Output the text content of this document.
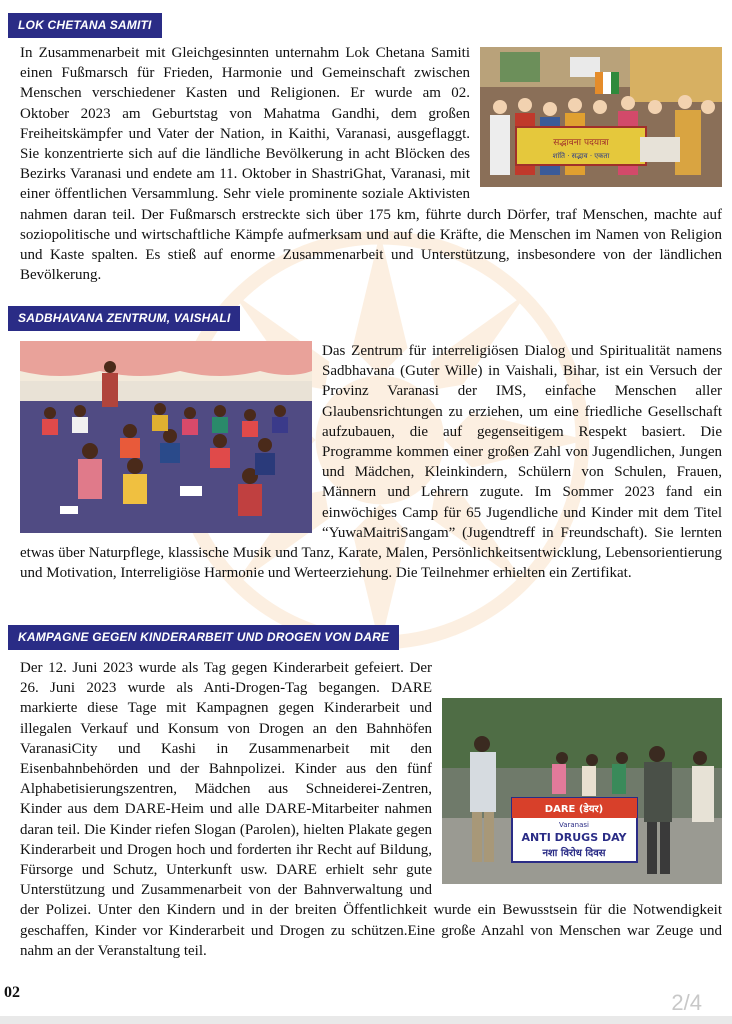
LOK CHETANA SAMITI
सद्भावना पदयात्रा
शांति · सद्भाव · एकता
In Zusammenarbeit mit Gleichgesinnten unternahm Lok Chetana Samiti einen Fußmarsch für Frieden, Harmonie und Gemeinschaft zwischen Menschen verschiedener Kasten und Religionen. Er wurde am 02. Oktober 2023 am Geburtstag von Mahatma Gandhi, dem großen Freiheitskämpfer und Vater der Nation, in Kaithi, Varanasi, ausgeflaggt. Sie konzentrierte sich auf die ländliche Bevölkerung in acht Blöcken des Bezirks Varanasi und endete am 11. Oktober in ShastriGhat, Varanasi, mit einer öffentlichen Versammlung. Sehr viele prominente soziale Aktivisten nahmen daran teil. Der Fußmarsch erstreckte sich über 175 km, führte durch Dörfer, traf Menschen, machte auf soziopolitische und wirtschaftliche Kämpfe aufmerksam und auf die Kräfte, die Menschen im Namen von Religion und Kaste spalten. Es stieß auf enorme Zusammenarbeit und Unterstützung, insbesondere von der ländlichen Bevölkerung.
SADBHAVANA ZENTRUM, VAISHALI
Das Zentrum für interreligiösen Dialog und Spiritualität namens Sadbhavana (Guter Wille) in Vaishali, Bihar, ist ein Versuch der Provinz Varanasi der IMS, einfache Menschen aller Glaubensrichtungen zu erziehen, um eine friedliche Gesellschaft aufzubauen, die auf gegenseitigem Respekt basiert. Die Programme kommen einer großen Zahl von Jugendlichen, Jungen und Mädchen, Kleinkindern, Schülern von Schulen, Frauen, Männern und Lehrern zugute. Im Sommer 2023 fand ein einwöchiges Camp für 65 Jugendliche und Kinder mit dem Titel “YuwaMaitriSangam” (Jugendtreff in Freundschaft). Sie lernten etwas über Naturpflege, klassische Musik und Tanz, Karate, Malen, Persönlichkeitsentwicklung, Lebensorientierung und Motivation, Interreligiöse Harmonie und Werteerziehung. Die Teilnehmer erhielten ein Zertifikat.
KAMPAGNE GEGEN KINDERARBEIT UND DROGEN VON DARE
DARE (डेयर)
Varanasi
ANTI DRUGS DAY
नशा विरोध दिवस
Der 12. Juni 2023 wurde als Tag gegen Kinderarbeit gefeiert. Der 26. Juni 2023 wurde als Anti-Drogen-Tag begangen. DARE markierte diese Tage mit Kampagnen gegen Kinderarbeit und illegalen Verkauf und Konsum von Drogen an den Bahnhöfen VaranasiCity und Kashi in Zusammenarbeit mit den Eisenbahnbehörden und der Bahnpolizei. Kinder aus den fünf Alphabetisierungszentren, Mädchen aus Schneiderei-Zentren, Kinder aus dem DARE-Heim und alle DARE-Mitarbeiter nahmen daran teil. Die Kinder riefen Slogan (Parolen), hielten Plakate gegen Kinderarbeit und Drogen hoch und forderten ihr Recht auf Bildung, Fürsorge und Schutz, Unterkunft usw. DARE erhielt sehr gute Unterstützung und Zusammenarbeit von der Bahnverwaltung und der Polizei. Unter den Kindern und in der breiten Öffentlichkeit wurde ein Bewusstsein für die Notwendigkeit geschaffen, Kinder vor Kinderarbeit und Drogen zu schützen.Eine große Anzahl von Menschen war Zeuge und nahm an der Veranstaltung teil.
02	2/4
